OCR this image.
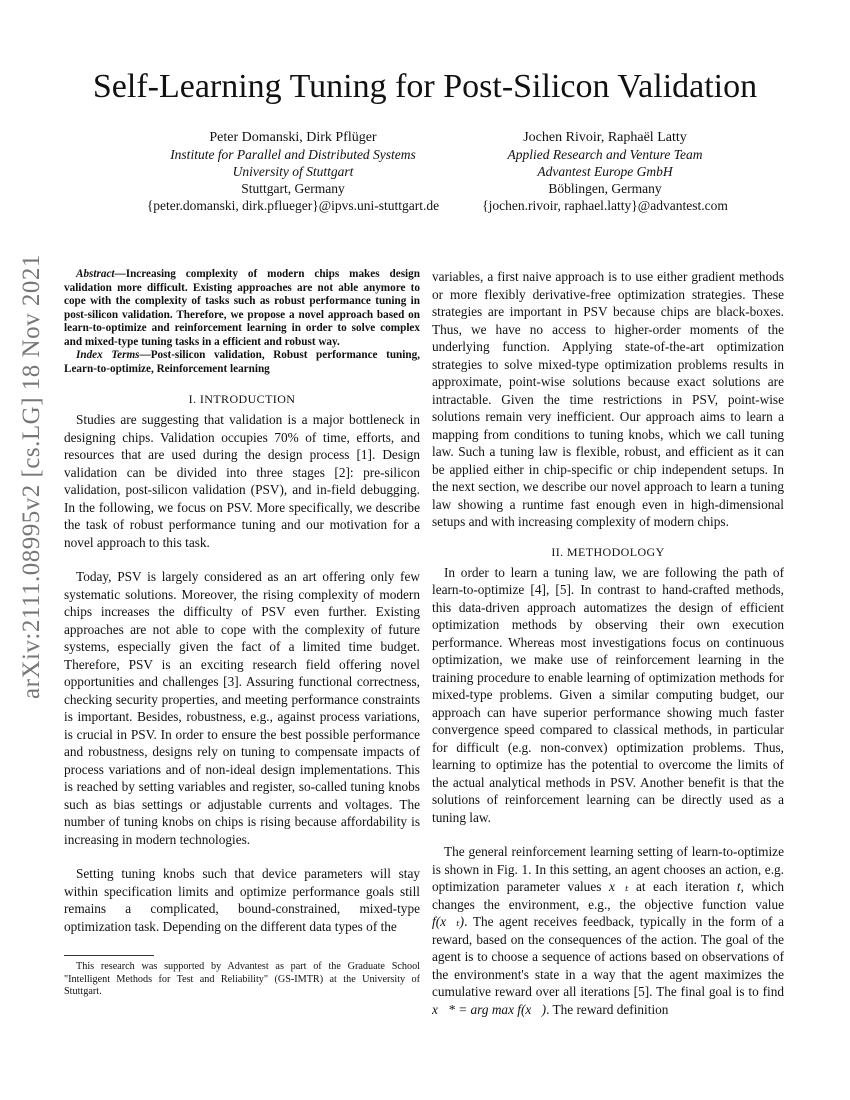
arXiv:2111.08995v2 [cs.LG] 18 Nov 2021
Self-Learning Tuning for Post-Silicon Validation
Peter Domanski, Dirk Pflüger
Institute for Parallel and Distributed Systems
University of Stuttgart
Stuttgart, Germany
{peter.domanski, dirk.pflueger}@ipvs.uni-stuttgart.de
Jochen Rivoir, Raphaël Latty
Applied Research and Venture Team
Advantest Europe GmbH
Böblingen, Germany
{jochen.rivoir, raphael.latty}@advantest.com

Abstract—Increasing complexity of modern chips makes design validation more difficult. Existing approaches are not able anymore to cope with the complexity of tasks such as robust performance tuning in post-silicon validation. Therefore, we propose a novel approach based on learn-to-optimize and reinforcement learning in order to solve complex and mixed-type tuning tasks in a efficient and robust way.

Index Terms—Post-silicon validation, Robust performance tuning, Learn-to-optimize, Reinforcement learning

I. INTRODUCTION

Studies are suggesting that validation is a major bottleneck in designing chips. Validation occupies 70% of time, efforts, and resources that are used during the design process [1]. Design validation can be divided into three stages [2]: pre-silicon validation, post-silicon validation (PSV), and in-field debugging. In the following, we focus on PSV. More specifically, we describe the task of robust performance tuning and our motivation for a novel approach to this task.

Today, PSV is largely considered as an art offering only few systematic solutions. Moreover, the rising complexity of modern chips increases the difficulty of PSV even further. Existing approaches are not able to cope with the complexity of future systems, especially given the fact of a limited time budget. Therefore, PSV is an exciting research field offering novel opportunities and challenges [3]. Assuring functional correctness, checking security properties, and meeting performance constraints is important. Besides, robustness, e.g., against process variations, is crucial in PSV. In order to ensure the best possible performance and robustness, designs rely on tuning to compensate impacts of process variations and of non-ideal design implementations. This is reached by setting variables and register, so-called tuning knobs such as bias settings or adjustable currents and voltages. The number of tuning knobs on chips is rising because affordability is increasing in modern technologies.

Setting tuning knobs such that device parameters will stay within specification limits and optimize performance goals still remains a complicated, bound-constrained, mixed-type optimization task. Depending on the different data types of the

This research was supported by Advantest as part of the Graduate School "Intelligent Methods for Test and Reliability" (GS-IMTR) at the University of Stuttgart.

variables, a first naive approach is to use either gradient methods or more flexibly derivative-free optimization strategies. These strategies are important in PSV because chips are black-boxes. Thus, we have no access to higher-order moments of the underlying function. Applying state-of-the-art optimization strategies to solve mixed-type optimization problems results in approximate, point-wise solutions because exact solutions are intractable. Given the time restrictions in PSV, point-wise solutions remain very inefficient. Our approach aims to learn a mapping from conditions to tuning knobs, which we call tuning law. Such a tuning law is flexible, robust, and efficient as it can be applied either in chip-specific or chip independent setups. In the next section, we describe our novel approach to learn a tuning law showing a runtime fast enough even in high-dimensional setups and with increasing complexity of modern chips.

II. METHODOLOGY

In order to learn a tuning law, we are following the path of learn-to-optimize [4], [5]. In contrast to hand-crafted methods, this data-driven approach automatizes the design of efficient optimization methods by observing their own execution performance. Whereas most investigations focus on continuous optimization, we make use of reinforcement learning in the training procedure to enable learning of optimization methods for mixed-type problems. Given a similar computing budget, our approach can have superior performance showing much faster convergence speed compared to classical methods, in particular for difficult (e.g. non-convex) optimization problems. Thus, learning to optimize has the potential to overcome the limits of the actual analytical methods in PSV. Another benefit is that the solutions of reinforcement learning can be directly used as a tuning law.

The general reinforcement learning setting of learn-to-optimize is shown in Fig. 1. In this setting, an agent chooses an action, e.g. optimization parameter values x⃗ₜ at each iteration t, which changes the environment, e.g., the objective function value f(x⃗ₜ). The agent receives feedback, typically in the form of a reward, based on the consequences of the action. The goal of the agent is to choose a sequence of actions based on observations of the environment's state in a way that the agent maximizes the cumulative reward over all iterations [5]. The final goal is to find x⃗* = arg max f(x⃗). The reward definition
